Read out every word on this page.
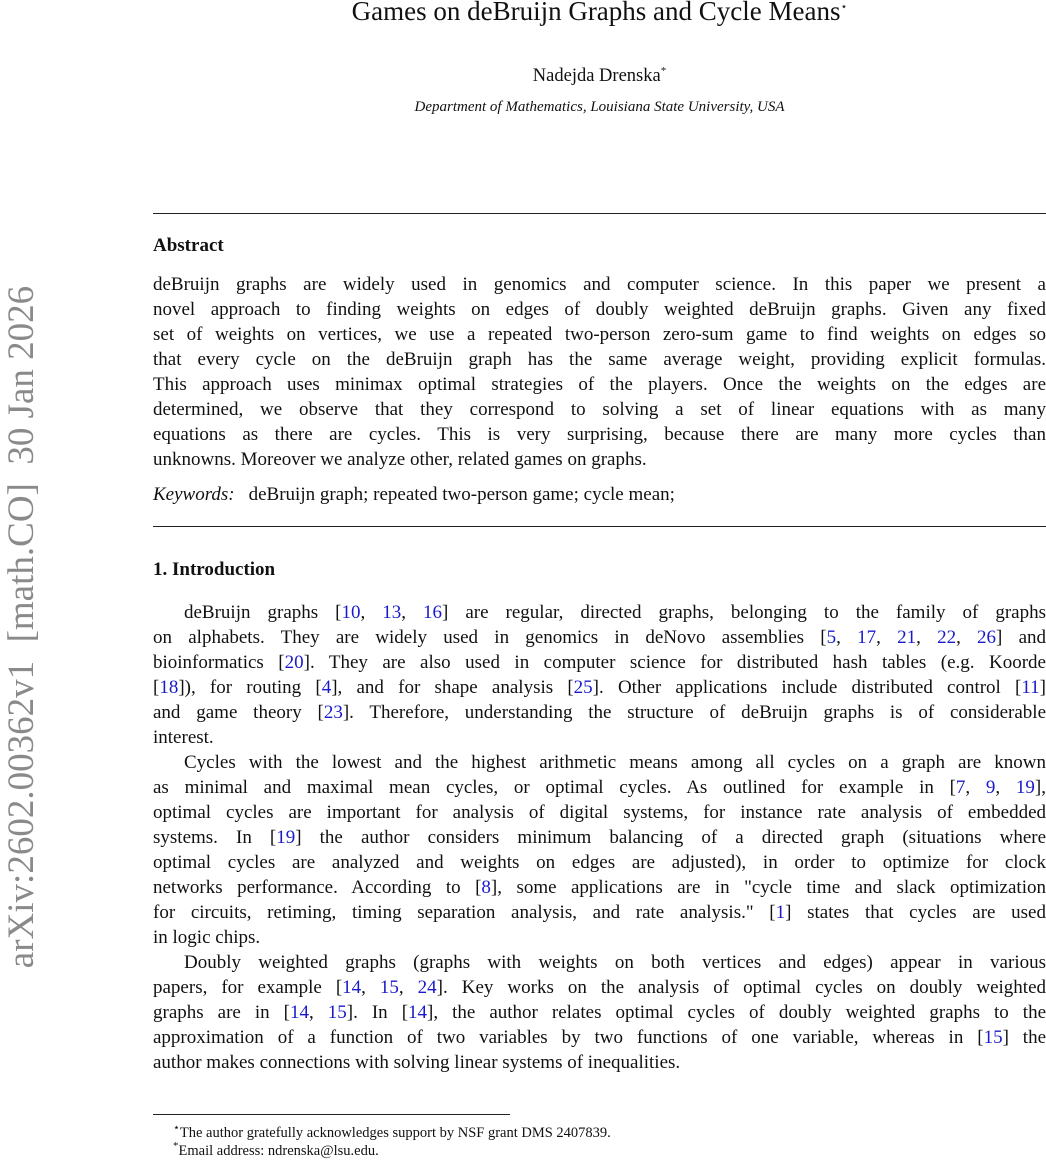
arXiv:2602.00362v1  [math.CO]  30 Jan 2026
Games on deBruijn Graphs and Cycle Means⋆
Nadejda Drenska*
Department of Mathematics, Louisiana State University, USA
Abstract
deBruijn graphs are widely used in genomics and computer science. In this paper we present a
novel approach to finding weights on edges of doubly weighted deBruijn graphs. Given any fixed
set of weights on vertices, we use a repeated two-person zero-sum game to find weights on edges so
that every cycle on the deBruijn graph has the same average weight, providing explicit formulas.
This approach uses minimax optimal strategies of the players. Once the weights on the edges are
determined, we observe that they correspond to solving a set of linear equations with as many
equations as there are cycles. This is very surprising, because there are many more cycles than
unknowns. Moreover we analyze other, related games on graphs.
Keywords: deBruijn graph; repeated two-person game; cycle mean;
1. Introduction
deBruijn graphs [10, 13, 16] are regular, directed graphs, belonging to the family of graphs
on alphabets. They are widely used in genomics in deNovo assemblies [5, 17, 21, 22, 26] and
bioinformatics [20]. They are also used in computer science for distributed hash tables (e.g. Koorde
[18]), for routing [4], and for shape analysis [25]. Other applications include distributed control [11]
and game theory [23]. Therefore, understanding the structure of deBruijn graphs is of considerable
interest.
Cycles with the lowest and the highest arithmetic means among all cycles on a graph are known
as minimal and maximal mean cycles, or optimal cycles. As outlined for example in [7, 9, 19],
optimal cycles are important for analysis of digital systems, for instance rate analysis of embedded
systems. In [19] the author considers minimum balancing of a directed graph (situations where
optimal cycles are analyzed and weights on edges are adjusted), in order to optimize for clock
networks performance. According to [8], some applications are in "cycle time and slack optimization
for circuits, retiming, timing separation analysis, and rate analysis." [1] states that cycles are used
in logic chips.
Doubly weighted graphs (graphs with weights on both vertices and edges) appear in various
papers, for example [14, 15, 24]. Key works on the analysis of optimal cycles on doubly weighted
graphs are in [14, 15]. In [14], the author relates optimal cycles of doubly weighted graphs to the
approximation of a function of two variables by two functions of one variable, whereas in [15] the
author makes connections with solving linear systems of inequalities.
⋆The author gratefully acknowledges support by NSF grant DMS 2407839.
*Email address: ndrenska@lsu.edu.
